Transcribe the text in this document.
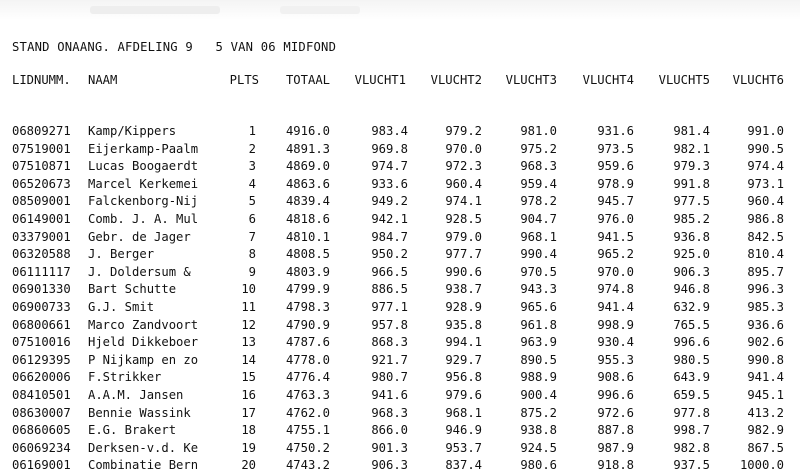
STAND ONAANG. AFDELING 9   5 VAN 06 MIDFOND
LIDNUMM. NAAM	PLTS TOTAAL VLUCHT1 VLUCHT2 VLUCHT3 VLUCHT4 VLUCHT5 VLUCHT6
06809271 Kamp/Kippers	1 4916.0	983.4	979.2	981.0	931.6	981.4	991.0
07519001 Eijerkamp-Paalm	2 4891.3	969.8	970.0	975.2	973.5	982.1	990.5
07510871 Lucas Boogaerdt	3 4869.0	974.7	972.3	968.3	959.6	979.3	974.4
06520673 Marcel Kerkemei	4 4863.6	933.6	960.4	959.4	978.9	991.8	973.1
08509001 Falckenborg-Nij	5 4839.4	949.2	974.1	978.2	945.7	977.5	960.4
06149001 Comb. J. A. Mul	6 4818.6	942.1	928.5	904.7	976.0	985.2	986.8
03379001 Gebr. de Jager	7 4810.1	984.7	979.0	968.1	941.5	936.8	842.5
06320588 J. Berger	8 4808.5	950.2	977.7	990.4	965.2	925.0	810.4
06111117 J. Doldersum &	9 4803.9	966.5	990.6	970.5	970.0	906.3	895.7
06901330 Bart Schutte	10 4799.9	886.5	938.7	943.3	974.8	946.8	996.3
06900733 G.J. Smit	11 4798.3	977.1	928.9	965.6	941.4	632.9	985.3
06800661 Marco Zandvoort	12 4790.9	957.8	935.8	961.8	998.9	765.5	936.6
07510016 Hjeld Dikkeboer	13 4787.6	868.3	994.1	963.9	930.4	996.6	902.6
06129395 P Nijkamp en zo	14 4778.0	921.7	929.7	890.5	955.3	980.5	990.8
06620006 F.Strikker	15 4776.4	980.7	956.8	988.9	908.6	643.9	941.4
08410501 A.A.M. Jansen	16 4763.3	941.6	979.6	900.4	996.6	659.5	945.1
08630007 Bennie Wassink	17 4762.0	968.3	968.1	875.2	972.6	977.8	413.2
06860605 E.G. Brakert	18 4755.1	866.0	946.9	938.8	887.8	998.7	982.9
06069234 Derksen-v.d. Ke	19 4750.2	901.3	953.7	924.5	987.9	982.8	867.5
06169001 Combinatie Bern	20 4743.2	906.3	837.4	980.6	918.8	937.5 1000.0
